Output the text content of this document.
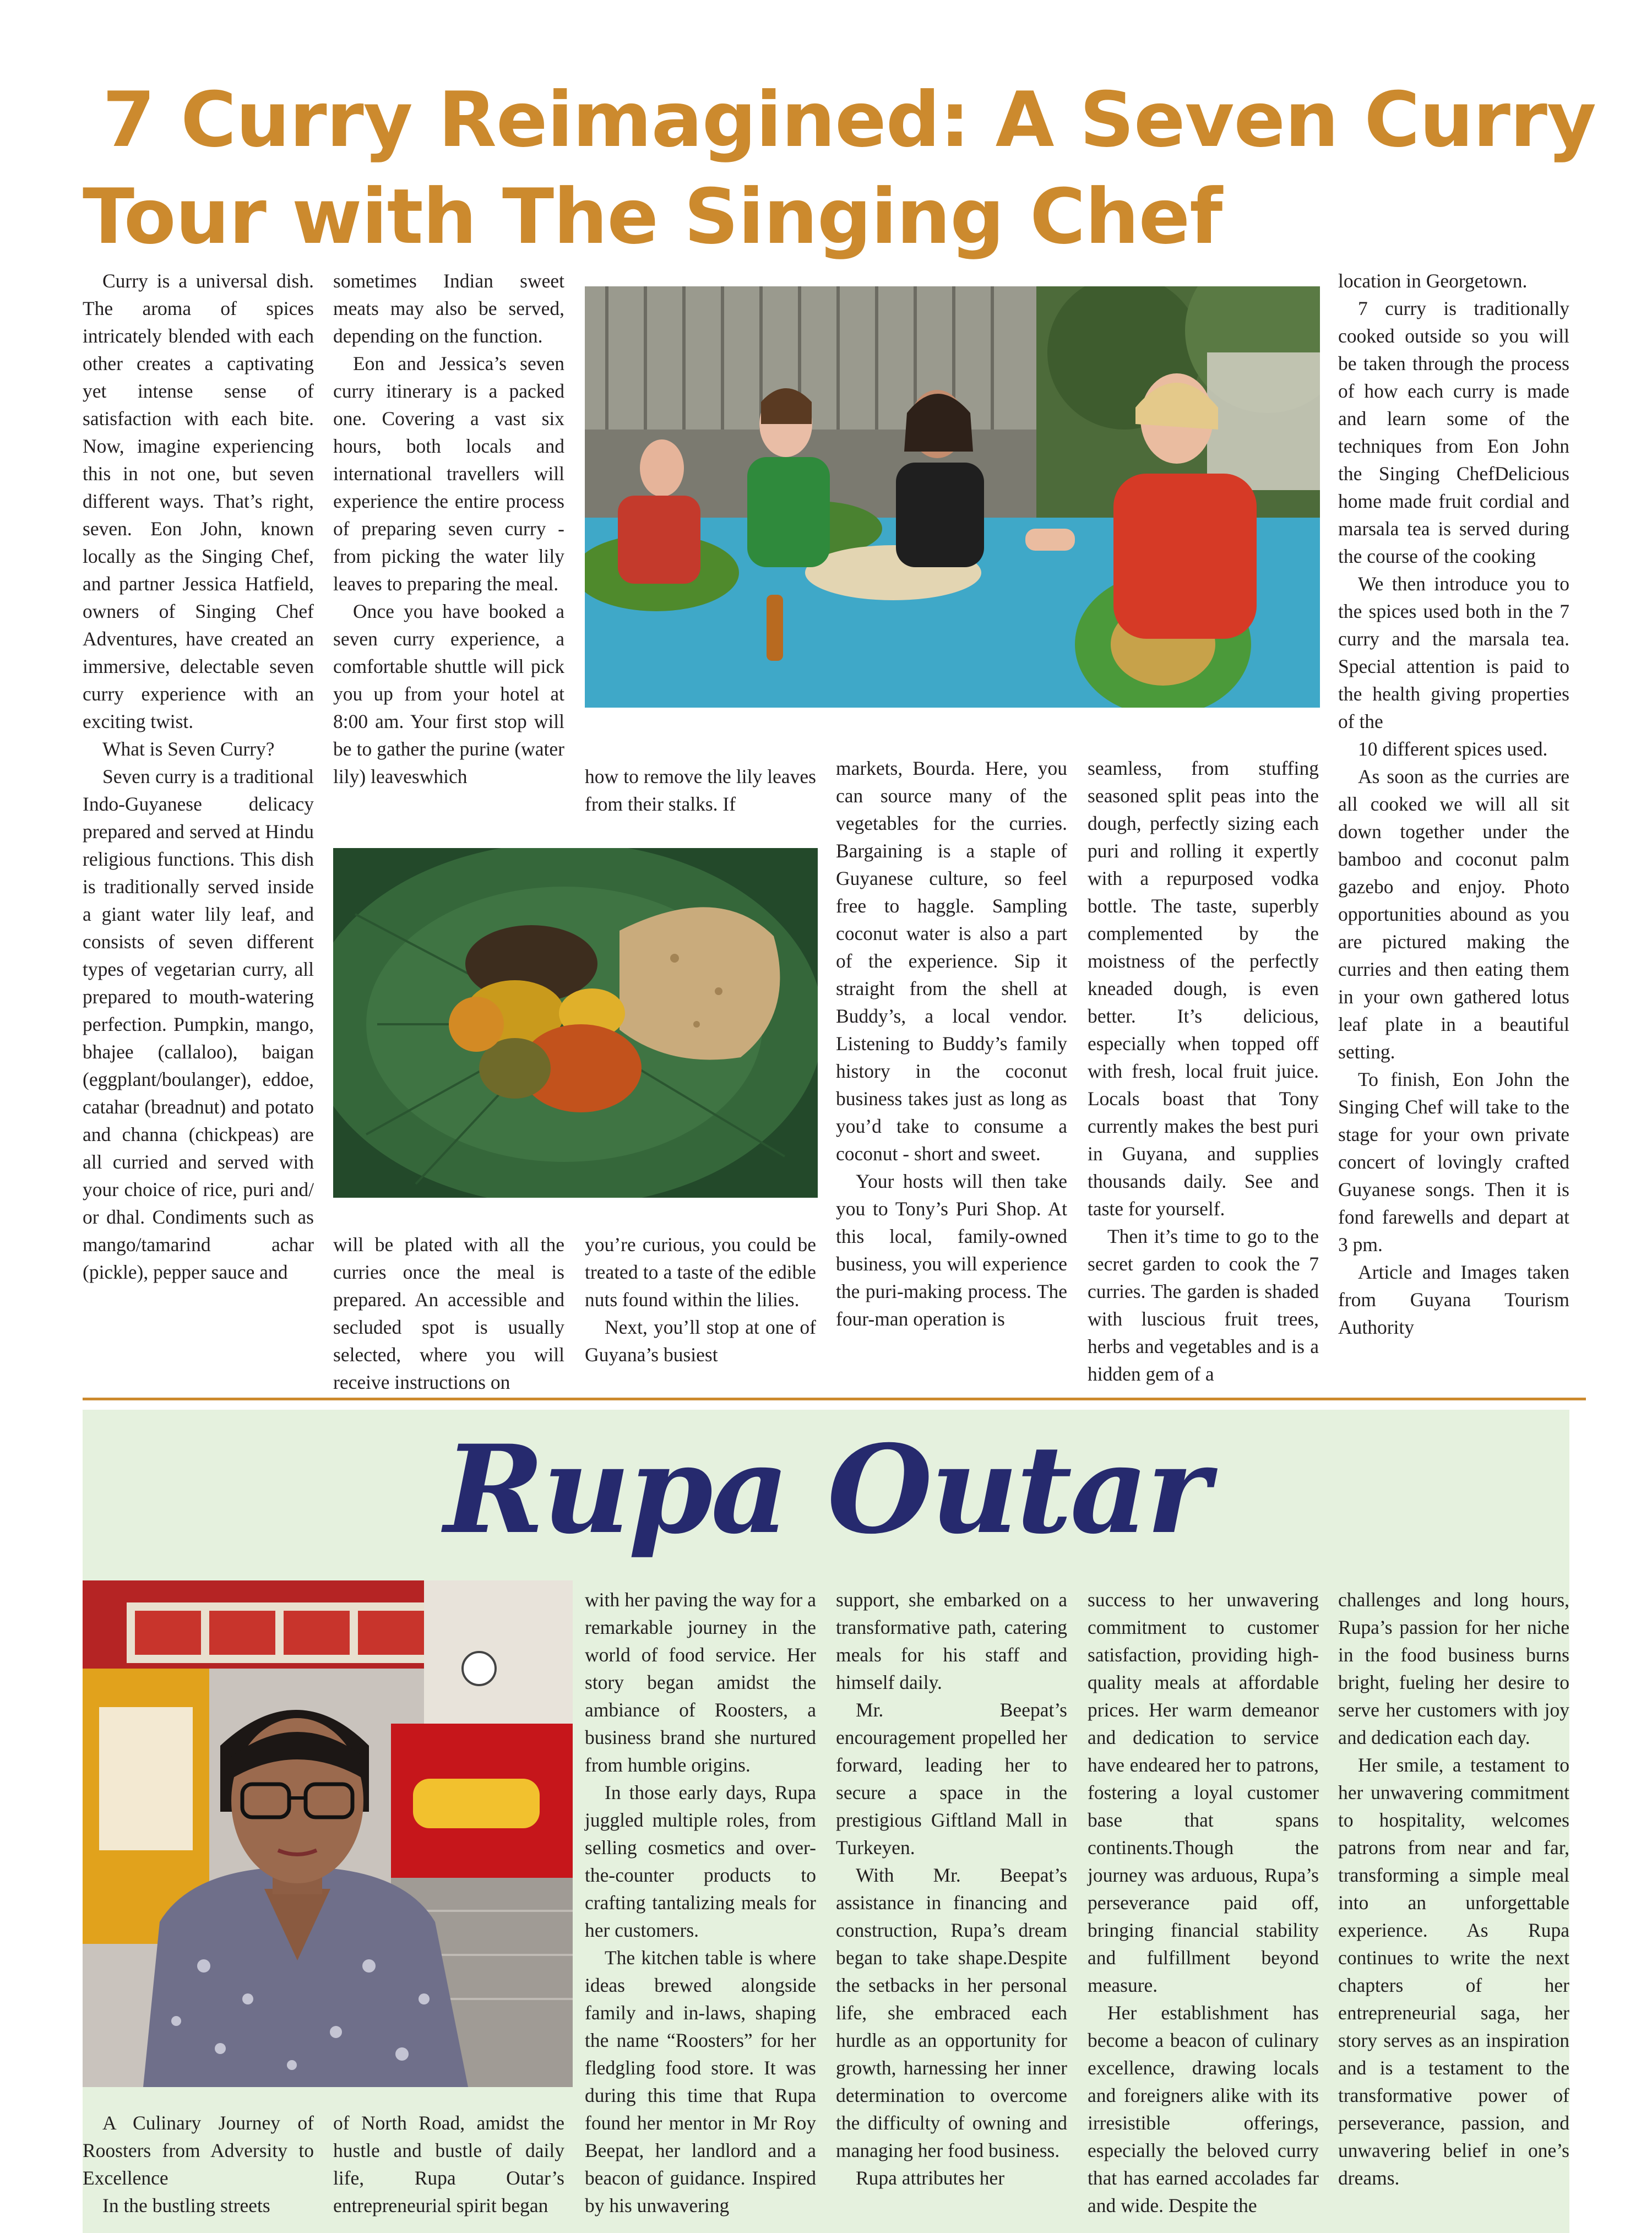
7 Curry Reimagined: A Seven Curry
Tour with The Singing Chef

Curry is a universal dish. The aroma of spices intricately blended with each other creates a captivating yet intense sense of satisfaction with each bite. Now, imagine experiencing this in not one, but seven different ways. That’s right, seven. Eon John, known locally as the Singing Chef, and partner Jessica Hatfield, owners of Singing Chef Adventures, have created an immersive, delectable seven curry experience with an exciting twist.

What is Seven Curry?

Seven curry is a traditional Indo-Guyanese delicacy prepared and served at Hindu religious functions. This dish is traditionally served inside a giant water lily leaf, and consists of seven different types of vegetarian curry, all prepared to mouth-watering perfection. Pumpkin, mango, bhajee (callaloo), baigan (eggplant/boulanger), eddoe, catahar (breadnut) and potato and channa (chickpeas) are all curried and served with your choice of rice, puri and/ or dhal. Condiments such as mango/tamarind achar (pickle), pepper sauce and

sometimes Indian sweet meats may also be served, depending on the function.

Eon and Jessica’s seven curry itinerary is a packed one. Covering a vast six hours, both locals and international travellers will experience the entire process of preparing seven curry - from picking the water lily leaves to preparing the meal.

Once you have booked a seven curry experience, a comfortable shuttle will pick you up from your hotel at 8:00 am. Your first stop will be to gather the purine (water lily) leaveswhich	how to remove the lily leaves from their stalks. If

will be plated with all the curries once the meal is prepared. An accessible and secluded spot is usually selected, where you will receive instructions on

you’re curious, you could be treated to a taste of the edible nuts found within the lilies.

Next, you’ll stop at one of Guyana’s busiest

markets, Bourda. Here, you can source many of the vegetables for the curries. Bargaining is a staple of Guyanese culture, so feel free to haggle. Sampling coconut water is also a part of the experience. Sip it straight from the shell at Buddy’s, a local vendor. Listening to Buddy’s family history in the coconut business takes just as long as you’d take to consume a coconut - short and sweet.

Your hosts will then take you to Tony’s Puri Shop. At this local, family-owned business, you will experience the puri-making process. The four-man operation is

seamless, from stuffing seasoned split peas into the dough, perfectly sizing each puri and rolling it expertly with a repurposed vodka bottle. The taste, superbly complemented by the moistness of the perfectly kneaded dough, is even better. It’s delicious, especially when topped off with fresh, local fruit juice. Locals boast that Tony currently makes the best puri in Guyana, and supplies thousands daily. See and taste for yourself.

Then it’s time to go to the secret garden to cook the 7 curries. The garden is shaded with luscious fruit trees, herbs and vegetables and is a hidden gem of a

location in Georgetown.

7 curry is traditionally cooked outside so you will be taken through the process of how each curry is made and learn some of the techniques from Eon John the Singing ChefDelicious home made fruit cordial and marsala tea is served during the course of the cooking

We then introduce you to the spices used both in the 7 curry and the marsala tea. Special attention is paid to the health giving properties of the

10 different spices used.

As soon as the curries are all cooked we will all sit down together under the bamboo and coconut palm gazebo and enjoy. Photo opportunities abound as you are pictured making the curries and then eating them in your own gathered lotus leaf plate in a beautiful setting.

To finish, Eon John the Singing Chef will take to the stage for your own private concert of lovingly crafted Guyanese songs. Then it is fond farewells and depart at 3 pm.

Article and Images taken from Guyana Tourism Authority

Rupa Outar

A Culinary Journey of Roosters from Adversity to Excellence

In the bustling streets

of North Road, amidst the hustle and bustle of daily life, Rupa Outar’s entrepreneurial spirit began

with her paving the way for a remarkable journey in the world of food service. Her story began amidst the ambiance of Roosters, a business brand she nurtured from humble origins.

In those early days, Rupa juggled multiple roles, from selling cosmetics and over-the-counter products to crafting tantalizing meals for her customers.

The kitchen table is where ideas brewed alongside family and in-laws, shaping the name “Roosters” for her fledgling food store. It was during this time that Rupa found her mentor in Mr Roy Beepat, her landlord and a beacon of guidance. Inspired by his unwavering

support, she embarked on a transformative path, catering meals for his staff and himself daily.

Mr. Beepat’s encouragement propelled her forward, leading her to secure a space in the prestigious Giftland Mall in Turkeyen.

With Mr. Beepat’s assistance in financing and construction, Rupa’s dream began to take shape.Despite the setbacks in her personal life, she embraced each hurdle as an opportunity for growth, harnessing her inner determination to overcome the difficulty of owning and managing her food business.

Rupa attributes her

success to her unwavering commitment to customer satisfaction, providing high-quality meals at affordable prices. Her warm demeanor and dedication to service have endeared her to patrons, fostering a loyal customer base that spans continents.Though the journey was arduous, Rupa’s perseverance paid off, bringing financial stability and fulfillment beyond measure.

Her establishment has become a beacon of culinary excellence, drawing locals and foreigners alike with its irresistible offerings, especially the beloved curry that has earned accolades far and wide. Despite the

challenges and long hours, Rupa’s passion for her niche in the food business burns bright, fueling her desire to serve her customers with joy and dedication each day.

Her smile, a testament to her unwavering commitment to hospitality, welcomes patrons from near and far, transforming a simple meal into an unforgettable experience. As Rupa continues to write the next chapters of her entrepreneurial saga, her story serves as an inspiration and is a testament to the transformative power of perseverance, passion, and unwavering belief in one’s dreams.
